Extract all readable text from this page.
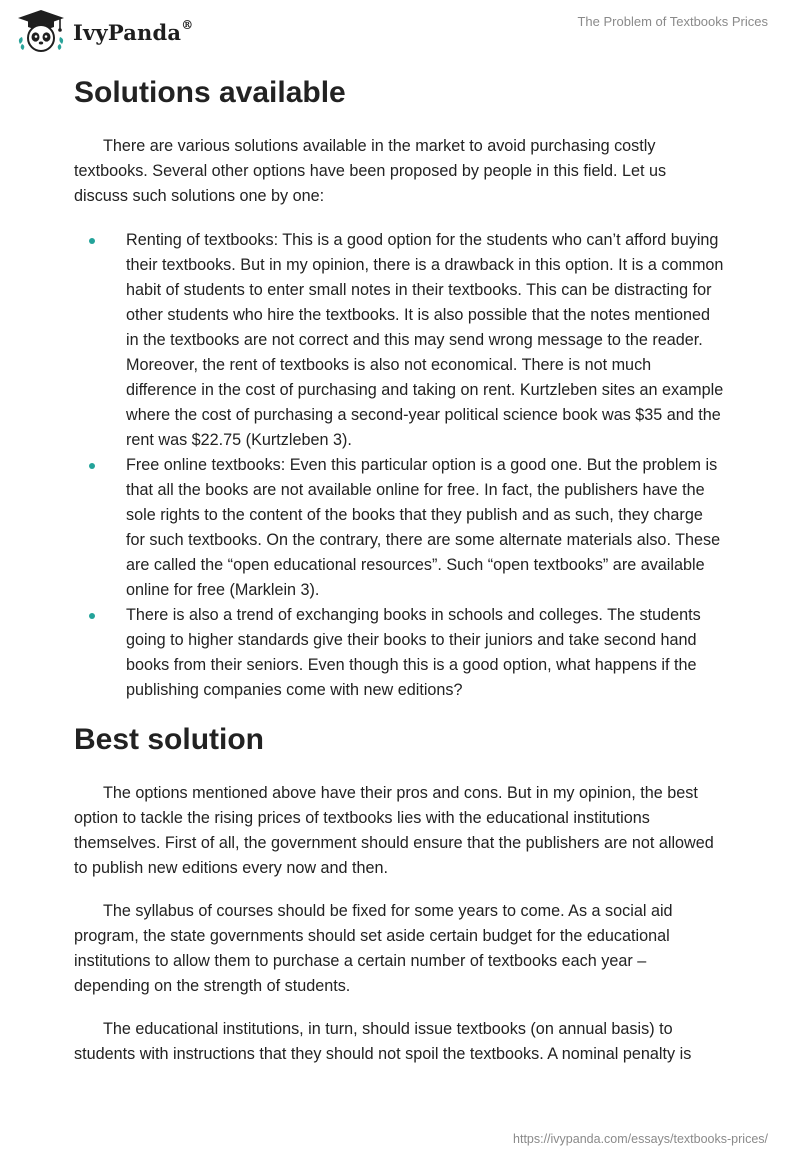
IvyPanda®	The Problem of Textbooks Prices
Solutions available

There are various solutions available in the market to avoid purchasing costly textbooks. Several other options have been proposed by people in this field. Let us discuss such solutions one by one:

Renting of textbooks: This is a good option for the students who can’t afford buying their textbooks. But in my opinion, there is a drawback in this option. It is a common habit of students to enter small notes in their textbooks. This can be distracting for other students who hire the textbooks. It is also possible that the notes mentioned in the textbooks are not correct and this may send wrong message to the reader. Moreover, the rent of textbooks is also not economical. There is not much difference in the cost of purchasing and taking on rent. Kurtzleben sites an example where the cost of purchasing a second-year political science book was $35 and the rent was $22.75 (Kurtzleben 3).
Free online textbooks: Even this particular option is a good one. But the problem is that all the books are not available online for free. In fact, the publishers have the sole rights to the content of the books that they publish and as such, they charge for such textbooks. On the contrary, there are some alternate materials also. These are called the “open educational resources”. Such “open textbooks” are available online for free (Marklein 3).
There is also a trend of exchanging books in schools and colleges. The students going to higher standards give their books to their juniors and take second hand books from their seniors. Even though this is a good option, what happens if the publishing companies come with new editions?
Best solution

The options mentioned above have their pros and cons. But in my opinion, the best option to tackle the rising prices of textbooks lies with the educational institutions themselves. First of all, the government should ensure that the publishers are not allowed to publish new editions every now and then.

The syllabus of courses should be fixed for some years to come. As a social aid program, the state governments should set aside certain budget for the educational institutions to allow them to purchase a certain number of textbooks each year – depending on the strength of students.

The educational institutions, in turn, should issue textbooks (on annual basis) to students with instructions that they should not spoil the textbooks. A nominal penalty is

https://ivypanda.com/essays/textbooks-prices/
